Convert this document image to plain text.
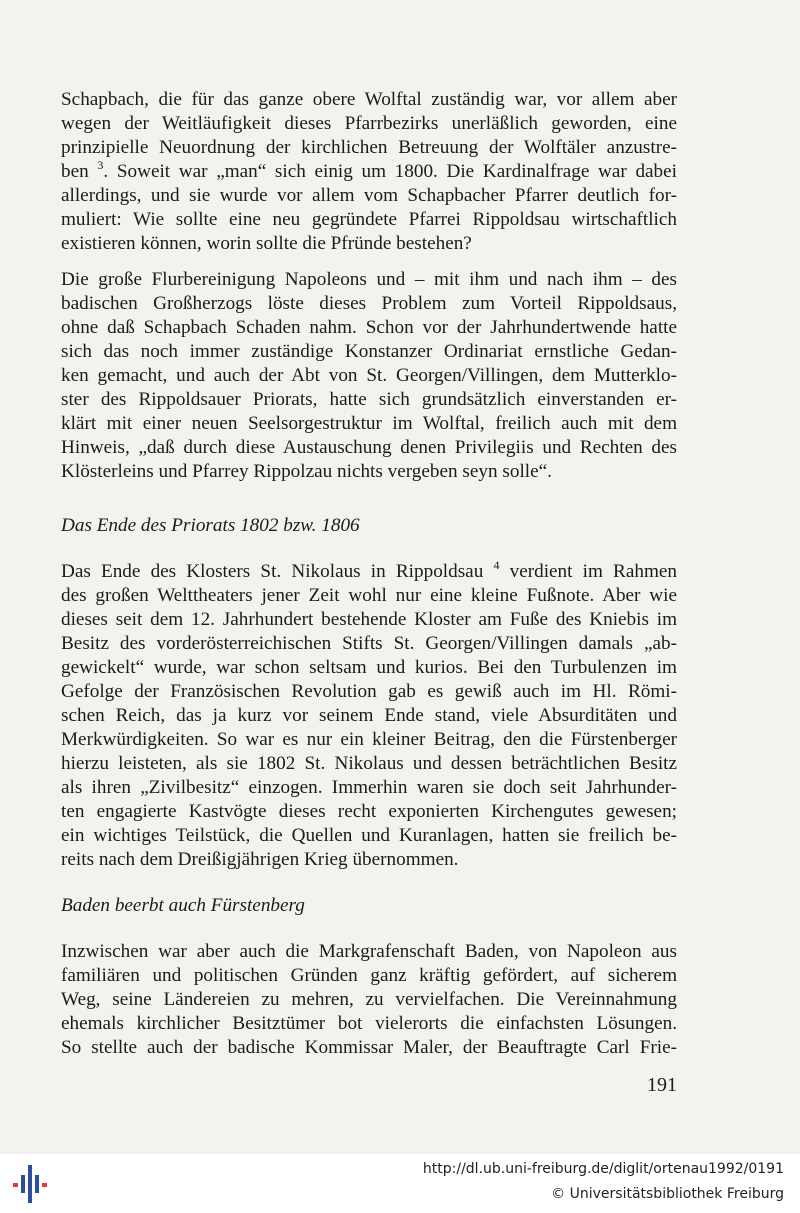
Schapbach, die für das ganze obere Wolftal zuständig war, vor allem aber
wegen der Weitläufigkeit dieses Pfarrbezirks unerläßlich geworden, eine
prinzipielle Neuordnung der kirchlichen Betreuung der Wolftäler anzustre-
ben $^3$. Soweit war „man“ sich einig um 1800. Die Kardinalfrage war dabei
allerdings, und sie wurde vor allem vom Schapbacher Pfarrer deutlich for-
muliert: Wie sollte eine neu gegründete Pfarrei Rippoldsau wirtschaftlich
existieren können, worin sollte die Pfründe bestehen?
Die große Flurbereinigung Napoleons und – mit ihm und nach ihm – des
badischen Großherzogs löste dieses Problem zum Vorteil Rippoldsaus,
ohne daß Schapbach Schaden nahm. Schon vor der Jahrhundertwende hatte
sich das noch immer zuständige Konstanzer Ordinariat ernstliche Gedan-
ken gemacht, und auch der Abt von St. Georgen/Villingen, dem Mutterklo-
ster des Rippoldsauer Priorats, hatte sich grundsätzlich einverstanden er-
klärt mit einer neuen Seelsorgestruktur im Wolftal, freilich auch mit dem
Hinweis, „daß durch diese Austauschung denen Privilegiis und Rechten des
Klösterleins und Pfarrey Rippolzau nichts vergeben seyn solle“.
Das Ende des Priorats 1802 bzw. 1806
Das Ende des Klosters St. Nikolaus in Rippoldsau $^4$ verdient im Rahmen
des großen Welttheaters jener Zeit wohl nur eine kleine Fußnote. Aber wie
dieses seit dem 12. Jahrhundert bestehende Kloster am Fuße des Kniebis im
Besitz des vorderösterreichischen Stifts St. Georgen/Villingen damals „ab-
gewickelt“ wurde, war schon seltsam und kurios. Bei den Turbulenzen im
Gefolge der Französischen Revolution gab es gewiß auch im Hl. Römi-
schen Reich, das ja kurz vor seinem Ende stand, viele Absurditäten und
Merkwürdigkeiten. So war es nur ein kleiner Beitrag, den die Fürstenberger
hierzu leisteten, als sie 1802 St. Nikolaus und dessen beträchtlichen Besitz
als ihren „Zivilbesitz“ einzogen. Immerhin waren sie doch seit Jahrhunder-
ten engagierte Kastvögte dieses recht exponierten Kirchengutes gewesen;
ein wichtiges Teilstück, die Quellen und Kuranlagen, hatten sie freilich be-
reits nach dem Dreißigjährigen Krieg übernommen.
Baden beerbt auch Fürstenberg
Inzwischen war aber auch die Markgrafenschaft Baden, von Napoleon aus
familiären und politischen Gründen ganz kräftig gefördert, auf sicherem
Weg, seine Ländereien zu mehren, zu vervielfachen. Die Vereinnahmung
ehemals kirchlicher Besitztümer bot vielerorts die einfachsten Lösungen.
So stellte auch der badische Kommissar Maler, der Beauftragte Carl Frie-
191
http://dl.ub.uni-freiburg.de/diglit/ortenau1992/0191
© Universitätsbibliothek Freiburg
